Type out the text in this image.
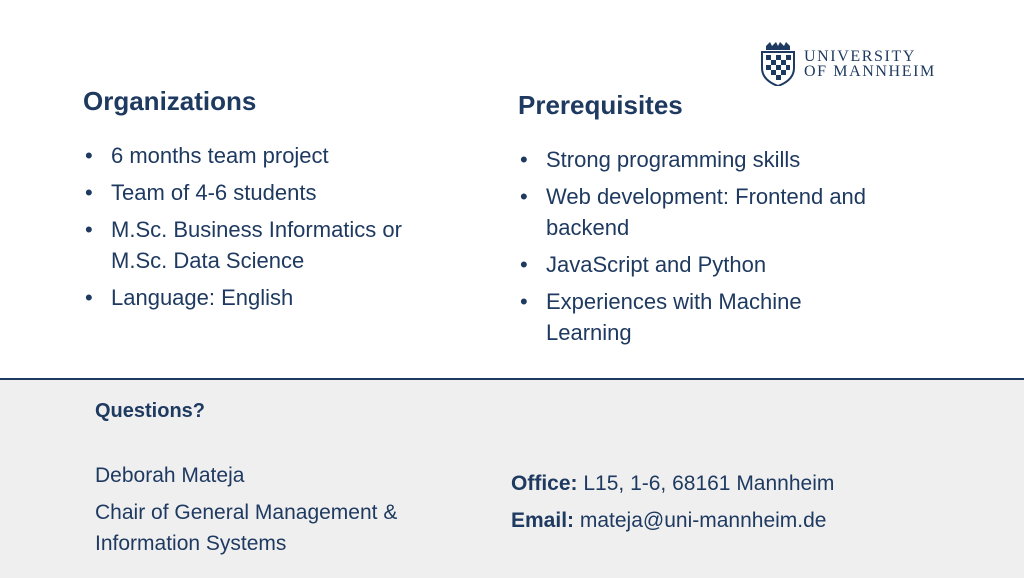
UNIVERSITY
OF MANNHEIM
Organizations
• 6 months team project
• Team of 4-6 students
• M.Sc. Business Informatics or M.Sc. Data Science
• Language: English
Prerequisites
• Strong programming skills
• Web development: Frontend and backend
• JavaScript and Python
• Experiences with Machine Learning
Questions?
Deborah Mateja
Chair of General Management & Information Systems
Office: L15, 1-6, 68161 Mannheim
Email: mateja@uni-mannheim.de
